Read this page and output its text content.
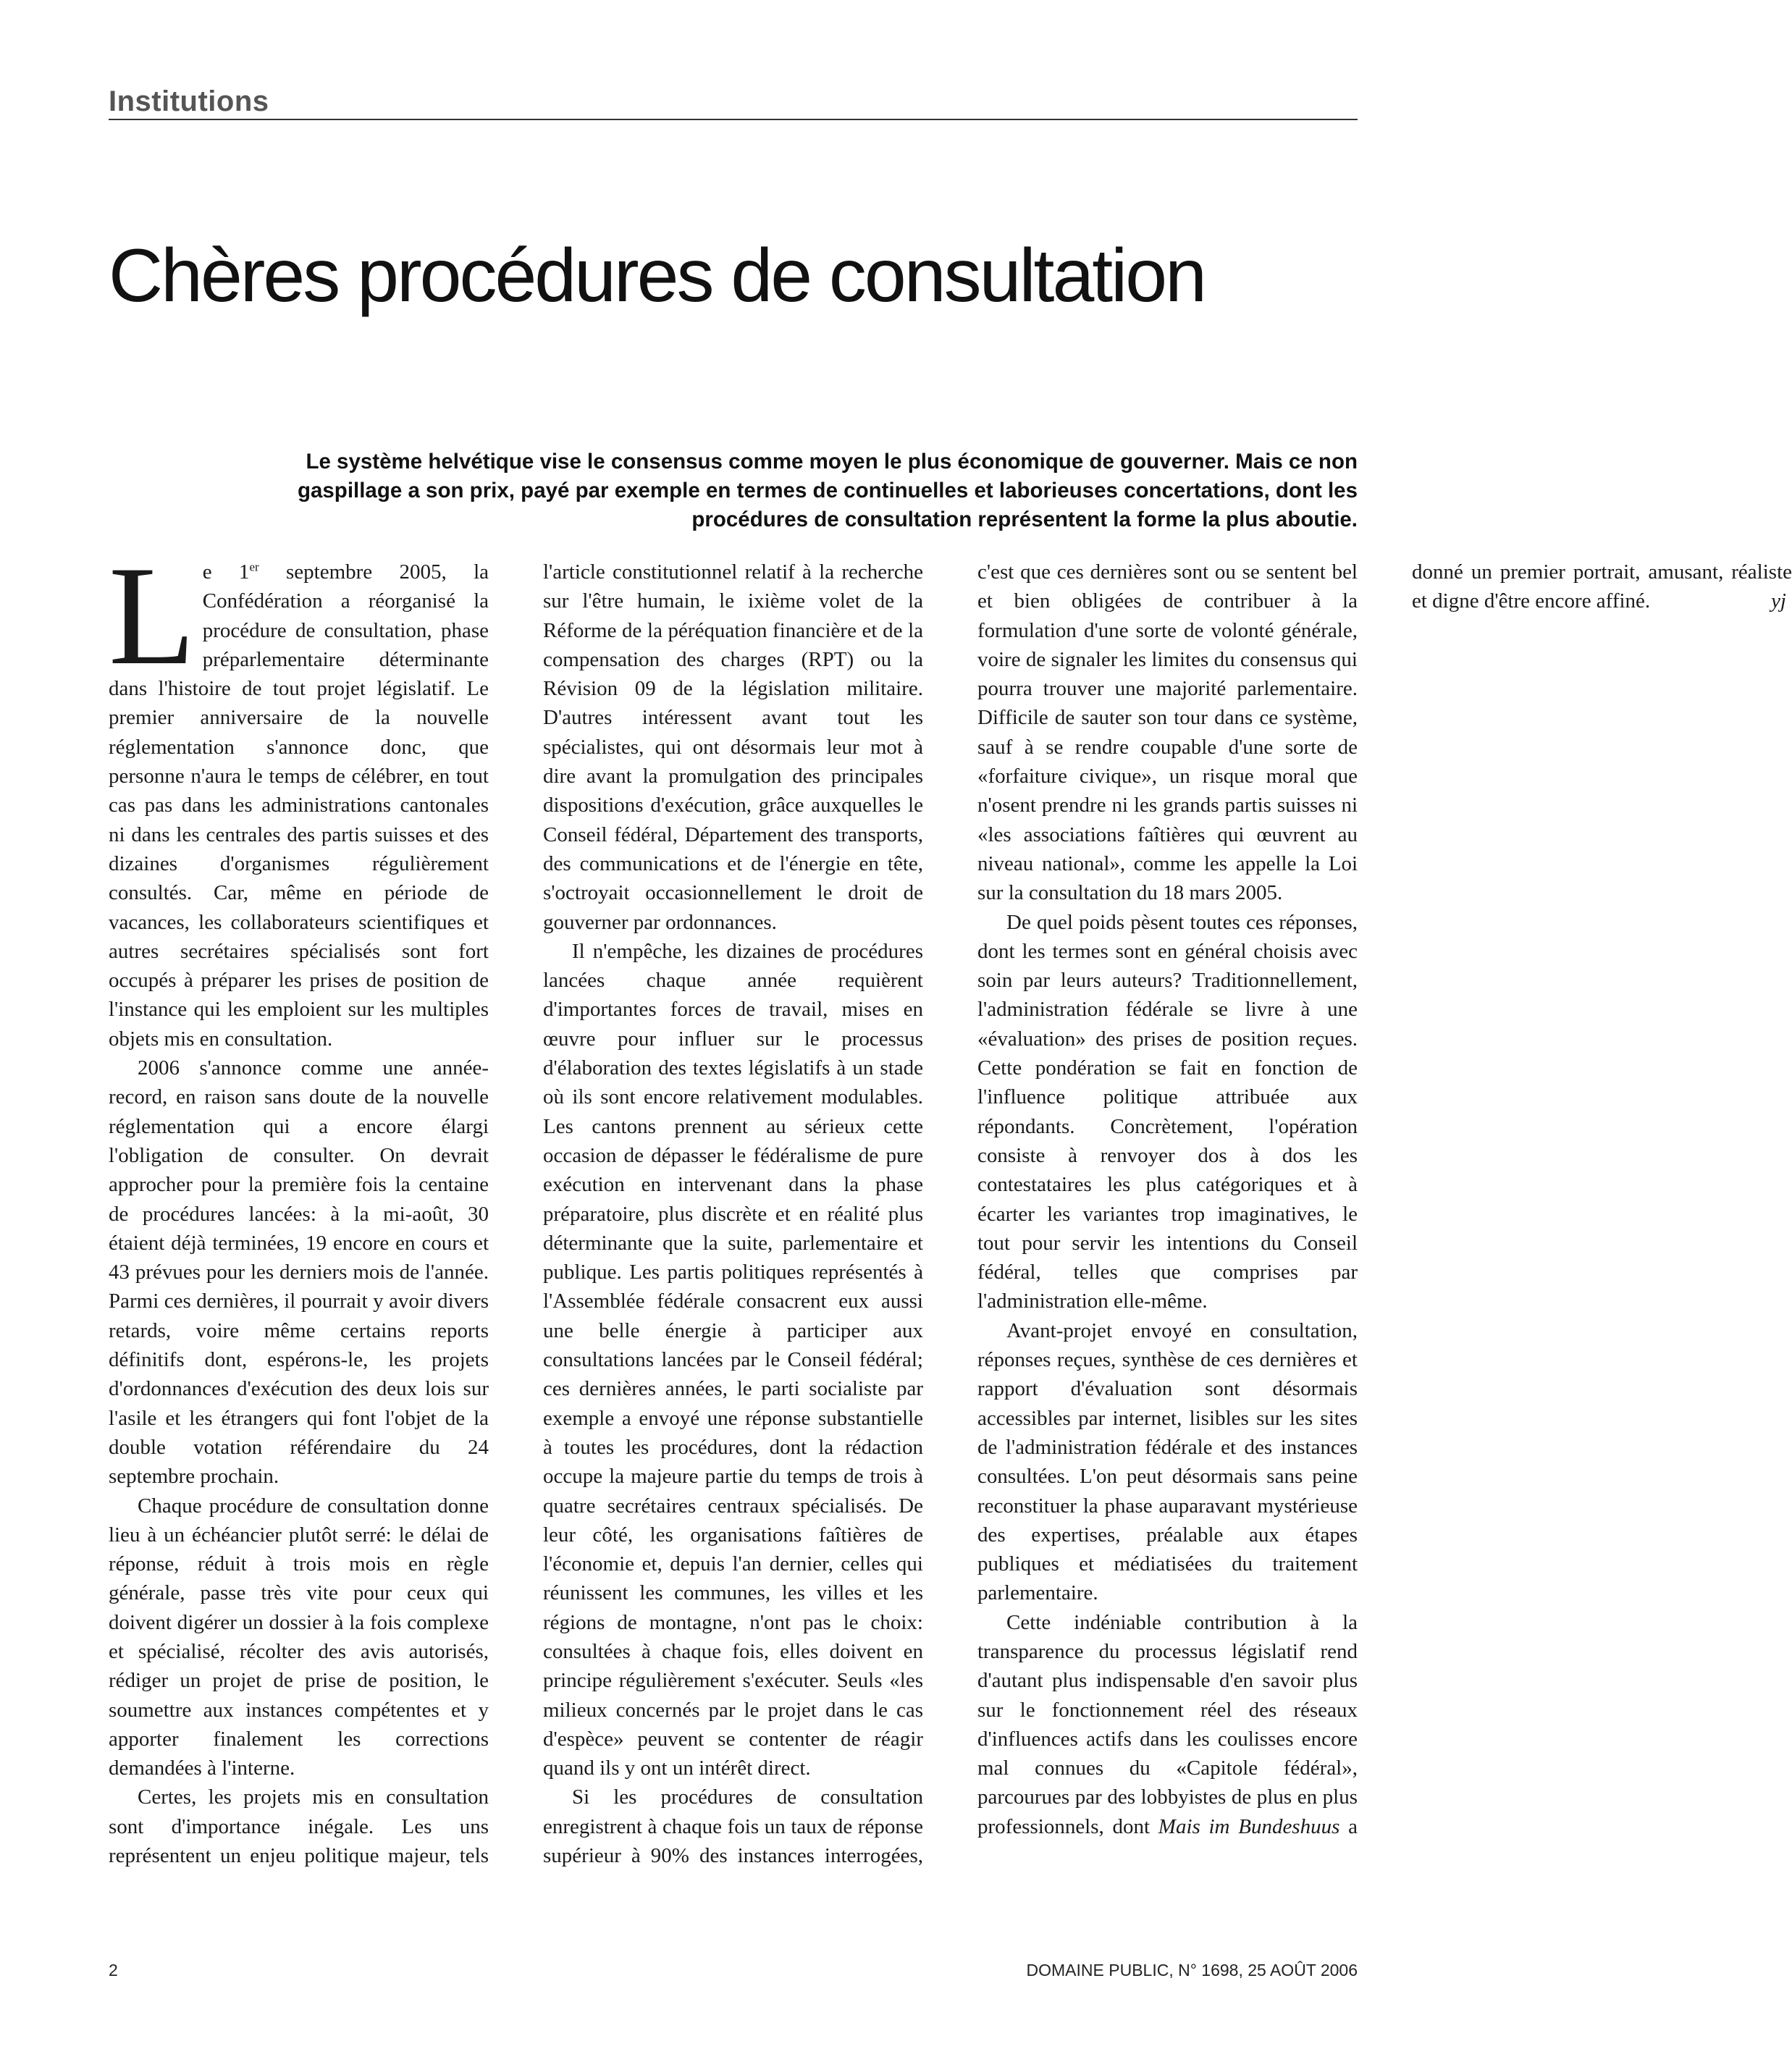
Institutions
Chères procédures de consultation

Le système helvétique vise le consensus comme moyen le plus économique de gouverner. Mais ce non gaspillage a son prix, payé par exemple en termes de continuelles et laborieuses concertations, dont les procédures de consultation représentent la forme la plus aboutie.

Le 1er septembre 2005, la Confédération a réorganisé la procédure de consultation, phase préparlementaire déterminante dans l'histoire de tout projet législatif. Le premier anniversaire de la nouvelle réglementation s'annonce donc, que personne n'aura le temps de célébrer, en tout cas pas dans les administrations cantonales ni dans les centrales des partis suisses et des dizaines d'organismes régulièrement consultés. Car, même en période de vacances, les collaborateurs scientifiques et autres secrétaires spécialisés sont fort occupés à préparer les prises de position de l'instance qui les emploient sur les multiples objets mis en consultation.

2006 s'annonce comme une année-record, en raison sans doute de la nouvelle réglementation qui a encore élargi l'obligation de consulter. On devrait approcher pour la première fois la centaine de procédures lancées: à la mi-août, 30 étaient déjà terminées, 19 encore en cours et 43 prévues pour les derniers mois de l'année. Parmi ces dernières, il pourrait y avoir divers retards, voire même certains reports définitifs dont, espérons-le, les projets d'ordonnances d'exécution des deux lois sur l'asile et les étrangers qui font l'objet de la double votation référendaire du 24 septembre prochain.

Chaque procédure de consultation donne lieu à un échéancier plutôt serré: le délai de réponse, réduit à trois mois en règle générale, passe très vite pour ceux qui doivent digérer un dossier à la fois complexe et spécialisé, récolter des avis autorisés, rédiger un projet de prise de position, le soumettre aux instances compétentes et y apporter finalement les corrections demandées à l'interne.

Certes, les projets mis en consultation sont d'importance inégale. Les uns représentent un enjeu politique majeur, tels l'article constitutionnel relatif à la recherche sur l'être humain, le ixième volet de la Réforme de la péréquation financière et de la compensation des charges (RPT) ou la Révision 09 de la législation militaire. D'autres intéressent avant tout les spécialistes, qui ont désormais leur mot à dire avant la promulgation des principales dispositions d'exécution, grâce auxquelles le Conseil fédéral, Département des transports, des communications et de l'énergie en tête, s'octroyait occasionnellement le droit de gouverner par ordonnances.

Il n'empêche, les dizaines de procédures lancées chaque année requièrent d'importantes forces de travail, mises en œuvre pour influer sur le processus d'élaboration des textes législatifs à un stade où ils sont encore relativement modulables. Les cantons prennent au sérieux cette occasion de dépasser le fédéralisme de pure exécution en intervenant dans la phase préparatoire, plus discrète et en réalité plus déterminante que la suite, parlementaire et publique. Les partis politiques représentés à l'Assemblée fédérale consacrent eux aussi une belle énergie à participer aux consultations lancées par le Conseil fédéral; ces dernières années, le parti socialiste par exemple a envoyé une réponse substantielle à toutes les procédures, dont la rédaction occupe la majeure partie du temps de trois à quatre secrétaires centraux spécialisés. De leur côté, les organisations faîtières de l'économie et, depuis l'an dernier, celles qui réunissent les communes, les villes et les régions de montagne, n'ont pas le choix: consultées à chaque fois, elles doivent en principe régulièrement s'exécuter. Seuls «les milieux concernés par le projet dans le cas d'espèce» peuvent se contenter de réagir quand ils y ont un intérêt direct.

Si les procédures de consultation enregistrent à chaque fois un taux de réponse supérieur à 90% des instances interrogées, c'est que ces dernières sont ou se sentent bel et bien obligées de contribuer à la formulation d'une sorte de volonté générale, voire de signaler les limites du consensus qui pourra trouver une majorité parlementaire. Difficile de sauter son tour dans ce système, sauf à se rendre coupable d'une sorte de «forfaiture civique», un risque moral que n'osent prendre ni les grands partis suisses ni «les associations faîtières qui œuvrent au niveau national», comme les appelle la Loi sur la consultation du 18 mars 2005.

De quel poids pèsent toutes ces réponses, dont les termes sont en général choisis avec soin par leurs auteurs? Traditionnellement, l'administration fédérale se livre à une «évaluation» des prises de position reçues. Cette pondération se fait en fonction de l'influence politique attribuée aux répondants. Concrètement, l'opération consiste à renvoyer dos à dos les contestataires les plus catégoriques et à écarter les variantes trop imaginatives, le tout pour servir les intentions du Conseil fédéral, telles que comprises par l'administration elle-même.

Avant-projet envoyé en consultation, réponses reçues, synthèse de ces dernières et rapport d'évaluation sont désormais accessibles par internet, lisibles sur les sites de l'administration fédérale et des instances consultées. L'on peut désormais sans peine reconstituer la phase auparavant mystérieuse des expertises, préalable aux étapes publiques et médiatisées du traitement parlementaire.

Cette indéniable contribution à la transparence du processus législatif rend d'autant plus indispensable d'en savoir plus sur le fonctionnement réel des réseaux d'influences actifs dans les coulisses encore mal connues du «Capitole fédéral», parcourues par des lobbyistes de plus en plus professionnels, dont Mais im Bundeshuus a donné un premier portrait, amusant, réaliste et digne d'être encore affiné.	yj

2	DOMAINE PUBLIC, N° 1698, 25 AOÛT 2006
